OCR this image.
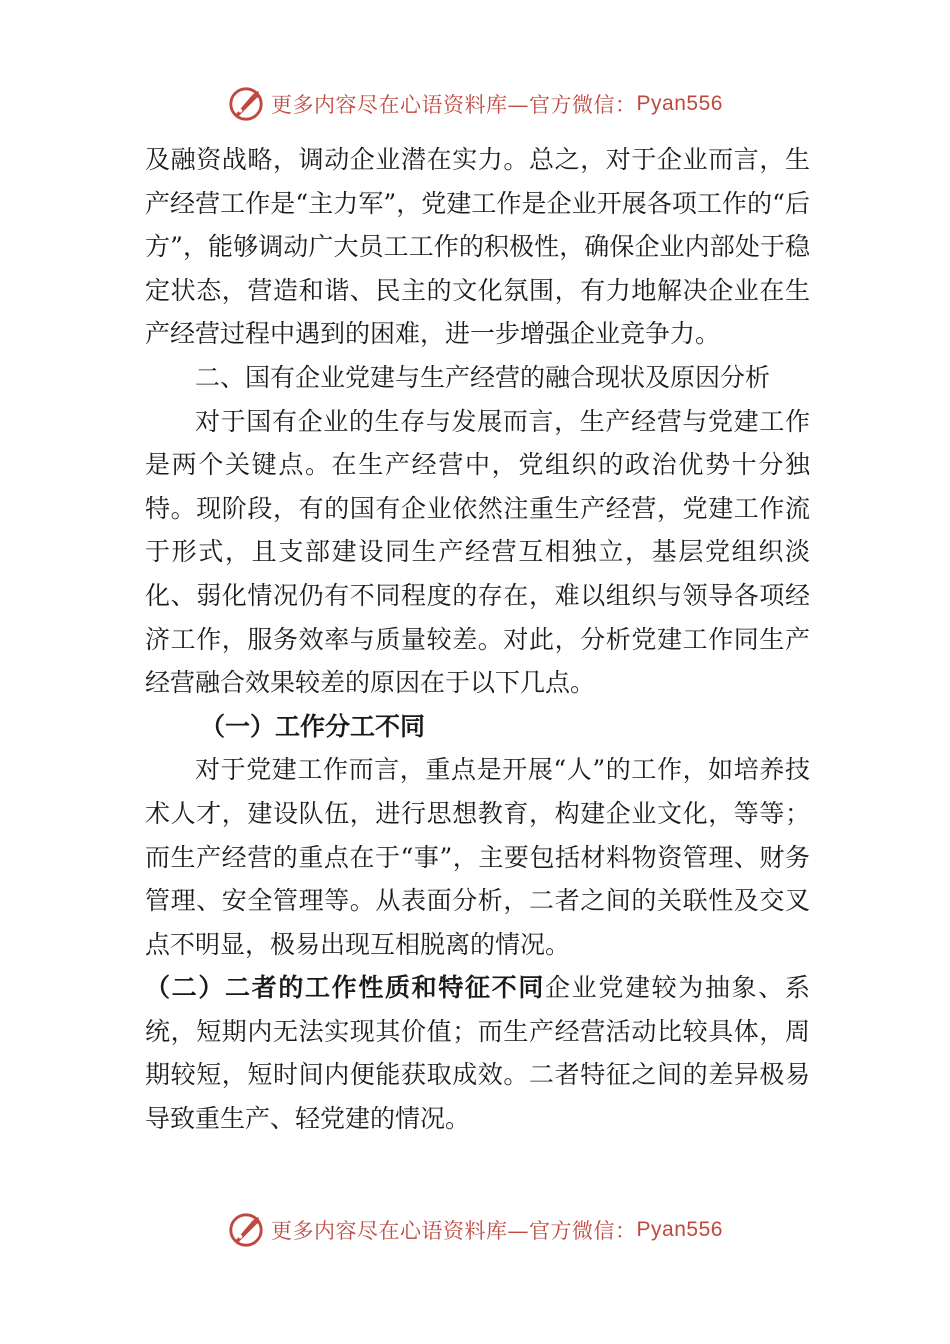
更多内容尽在心语资料库—官方微信： Pyan556

及融资战略，调动企业潜在实力。总之，对于企业而言，生产经营工作是“主力军”，党建工作是企业开展各项工作的“后方”，能够调动广大员工工作的积极性，确保企业内部处于稳定状态，营造和谐、民主的文化氛围，有力地解决企业在生产经营过程中遇到的困难，进一步增强企业竞争力。

二、国有企业党建与生产经营的融合现状及原因分析

对于国有企业的生存与发展而言，生产经营与党建工作是两个关键点。在生产经营中，党组织的政治优势十分独特。现阶段，有的国有企业依然注重生产经营，党建工作流于形式，且支部建设同生产经营互相独立，基层党组织淡化、弱化情况仍有不同程度的存在，难以组织与领导各项经济工作，服务效率与质量较差。对此，分析党建工作同生产经营融合效果较差的原因在于以下几点。

（一）工作分工不同

对于党建工作而言，重点是开展“人”的工作，如培养技术人才，建设队伍，进行思想教育，构建企业文化，等等；而生产经营的重点在于“事”，主要包括材料物资管理、财务管理、安全管理等。从表面分析，二者之间的关联性及交叉点不明显，极易出现互相脱离的情况。

（二）二者的工作性质和特征不同企业党建较为抽象、系统，短期内无法实现其价值；而生产经营活动比较具体，周期较短，短时间内便能获取成效。二者特征之间的差异极易导致重生产、轻党建的情况。

更多内容尽在心语资料库—官方微信： Pyan556
